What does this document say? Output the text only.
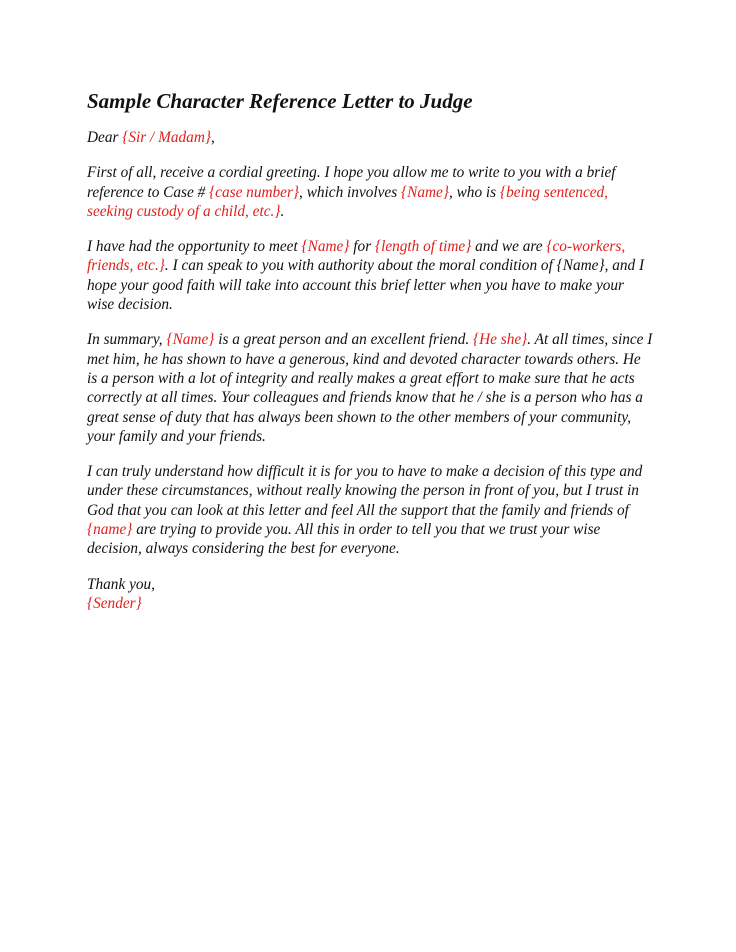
Sample Character Reference Letter to Judge

Dear {Sir / Madam},

First of all, receive a cordial greeting. I hope you allow me to write to you with a brief reference to Case # {case number}, which involves {Name}, who is {being sentenced, seeking custody of a child, etc.}.

I have had the opportunity to meet {Name} for {length of time} and we are {co-workers, friends, etc.}. I can speak to you with authority about the moral condition of {Name}, and I hope your good faith will take into account this brief letter when you have to make your wise decision.

In summary, {Name} is a great person and an excellent friend. {He she}. At all times, since I met him, he has shown to have a generous, kind and devoted character towards others. He is a person with a lot of integrity and really makes a great effort to make sure that he acts correctly at all times. Your colleagues and friends know that he / she is a person who has a great sense of duty that has always been shown to the other members of your community, your family and your friends.

I can truly understand how difficult it is for you to have to make a decision of this type and under these circumstances, without really knowing the person in front of you, but I trust in God that you can look at this letter and feel All the support that the family and friends of {name} are trying to provide you. All this in order to tell you that we trust your wise decision, always considering the best for everyone.

Thank you,
{Sender}
